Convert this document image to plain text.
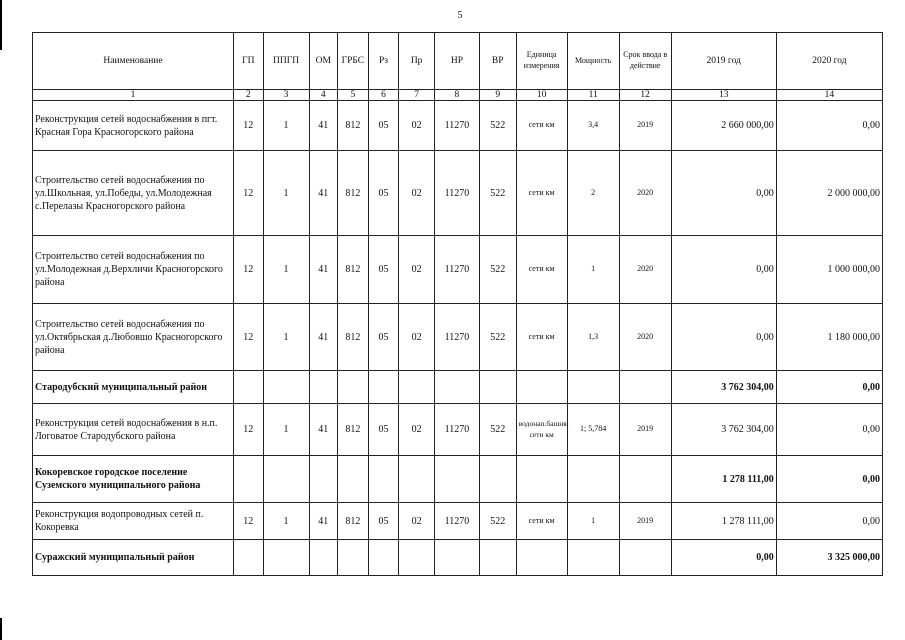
5
Наименование	ГП	ППГП	ОМ	ГРБС	Рз	Пр	НР	ВР	Единица измерения	Мощность	Срок ввода в действие	2019 год	2020 год
1	2	3	4	5	6	7	8	9	10	11	12	13	14
Реконструкция сетей водоснабжения в пгт. Красная Гора Красногорского района	12	1	41	812	05	02	11270	522	сети км	3,4	2019	2 660 000,00	0,00
Строительство сетей водоснабжения по ул.Школьная, ул.Победы, ул.Молодежная с.Перелазы Красногорского района	12	1	41	812	05	02	11270	522	сети км	2	2020	0,00	2 000 000,00
Строительство сетей водоснабжения по ул.Молодежная д.Верхличи Красногорского района	12	1	41	812	05	02	11270	522	сети км	1	2020	0,00	1 000 000,00
Строительство сетей водоснабжения по ул.Октябрьская д.Любовшо Красногорского района	12	1	41	812	05	02	11270	522	сети км	1,3	2020	0,00	1 180 000,00
Стародубский муниципальный район												3 762 304,00	0,00
Реконструкция сетей водоснабжения в н.п. Логоватое Стародубского района	12	1	41	812	05	02	11270	522	водонап.башня, сети км	1; 5,784	2019	3 762 304,00	0,00
Кокоревское городское поселение Суземского муниципального района												1 278 111,00	0,00
Реконструкция водопроводных сетей п. Кокоревка	12	1	41	812	05	02	11270	522	сети км	1	2019	1 278 111,00	0,00
Суражский муниципальный район												0,00	3 325 000,00
